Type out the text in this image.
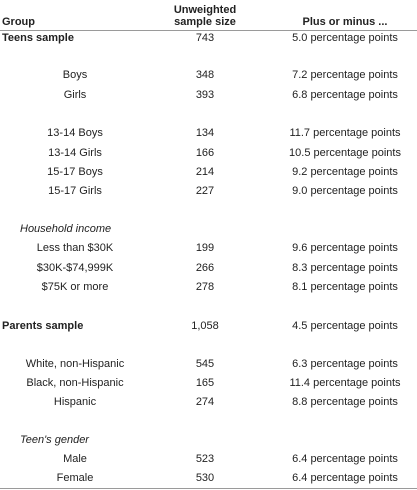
Group
Unweighted
sample size	Plus or minus ...
Teens sample	743	5.0 percentage points
Boys	348	7.2 percentage points
Girls	393	6.8 percentage points
13-14 Boys	134	11.7 percentage points
13-14 Girls	166	10.5 percentage points
15-17 Boys	214	9.2 percentage points
15-17 Girls	227	9.0 percentage points
Household income
Less than $30K	199	9.6 percentage points
$30K-$74,999K	266	8.3 percentage points
$75K or more	278	8.1 percentage points
Parents sample	1,058	4.5 percentage points
White, non-Hispanic	545	6.3 percentage points
Black, non-Hispanic	165	11.4 percentage points
Hispanic	274	8.8 percentage points
Teen's gender
Male	523	6.4 percentage points
Female	530	6.4 percentage points
